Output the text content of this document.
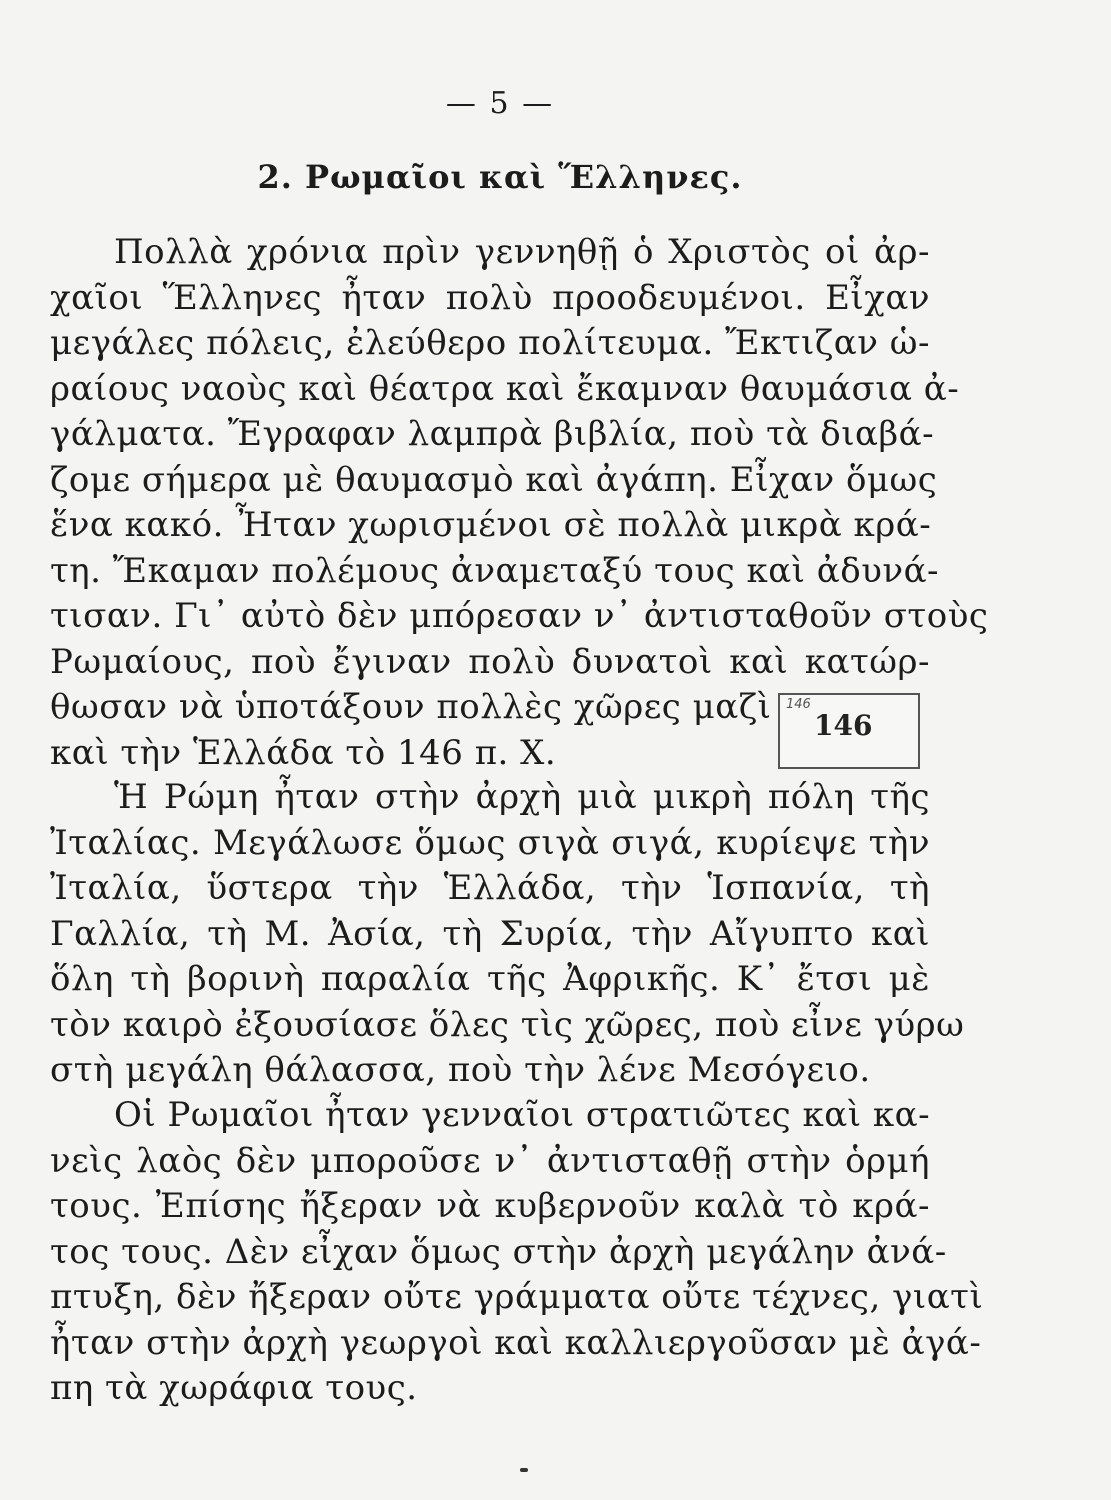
— 5 —
2. Ρωμαῖοι καὶ Ἕλληνες.
Πολλὰ χρόνια πρὶν γεννηθῇ ὁ Χριστὸς οἱ ἀρ-
χαῖοι Ἕλληνες ἦταν πολὺ προοδευμένοι. Εἶχαν
μεγάλες πόλεις, ἐλεύθερο πολίτευμα. Ἔκτιζαν ὡ-
ραίους ναοὺς καὶ θέατρα καὶ ἔκαμναν θαυμάσια ἀ-
γάλματα. Ἔγραφαν λαμπρὰ βιβλία, ποὺ τὰ διαβά-
ζομε σήμερα μὲ θαυμασμὸ καὶ ἀγάπη. Εἶχαν ὅμως
ἕνα κακό. Ἦταν χωρισμένοι σὲ πολλὰ μικρὰ κρά-
τη. Ἔκαμαν πολέμους ἀναμεταξύ τους καὶ ἀδυνά-
τισαν. Γι᾽ αὐτὸ δὲν μπόρεσαν ν᾽ ἀντισταθοῦν στοὺς
Ρωμαίους, ποὺ ἔγιναν πολὺ δυνατοὶ καὶ κατώρ-
θωσαν νὰ ὑποτάξουν πολλὲς χῶρες μαζὶ
καὶ τὴν Ἑλλάδα τὸ 146 π. Χ.
146
146
Ἡ Ρώμη ἦταν στὴν ἀρχὴ μιὰ μικρὴ πόλη τῆς
Ἰταλίας. Μεγάλωσε ὅμως σιγὰ σιγά, κυρίεψε τὴν
Ἰταλία, ὕστερα τὴν Ἑλλάδα, τὴν Ἱσπανία, τὴ
Γαλλία, τὴ Μ. Ἀσία, τὴ Συρία, τὴν Αἴγυπτο καὶ
ὅλη τὴ βορινὴ παραλία τῆς Ἀφρικῆς. Κ᾽ ἔτσι μὲ
τὸν καιρὸ ἐξουσίασε ὅλες τὶς χῶρες, ποὺ εἶνε γύρω
στὴ μεγάλη θάλασσα, ποὺ τὴν λένε Μεσόγειο.
Οἱ Ρωμαῖοι ἦταν γενναῖοι στρατιῶτες καὶ κα-
νεὶς λαὸς δὲν μποροῦσε ν᾽ ἀντισταθῇ στὴν ὁρμή
τους. Ἐπίσης ἤξεραν νὰ κυβερνοῦν καλὰ τὸ κρά-
τος τους. Δὲν εἶχαν ὅμως στὴν ἀρχὴ μεγάλην ἀνά-
πτυξη, δὲν ἤξεραν οὔτε γράμματα οὔτε τέχνες, γιατὶ
ἦταν στὴν ἀρχὴ γεωργοὶ καὶ καλλιεργοῦσαν μὲ ἀγά-
πη τὰ χωράφια τους.
